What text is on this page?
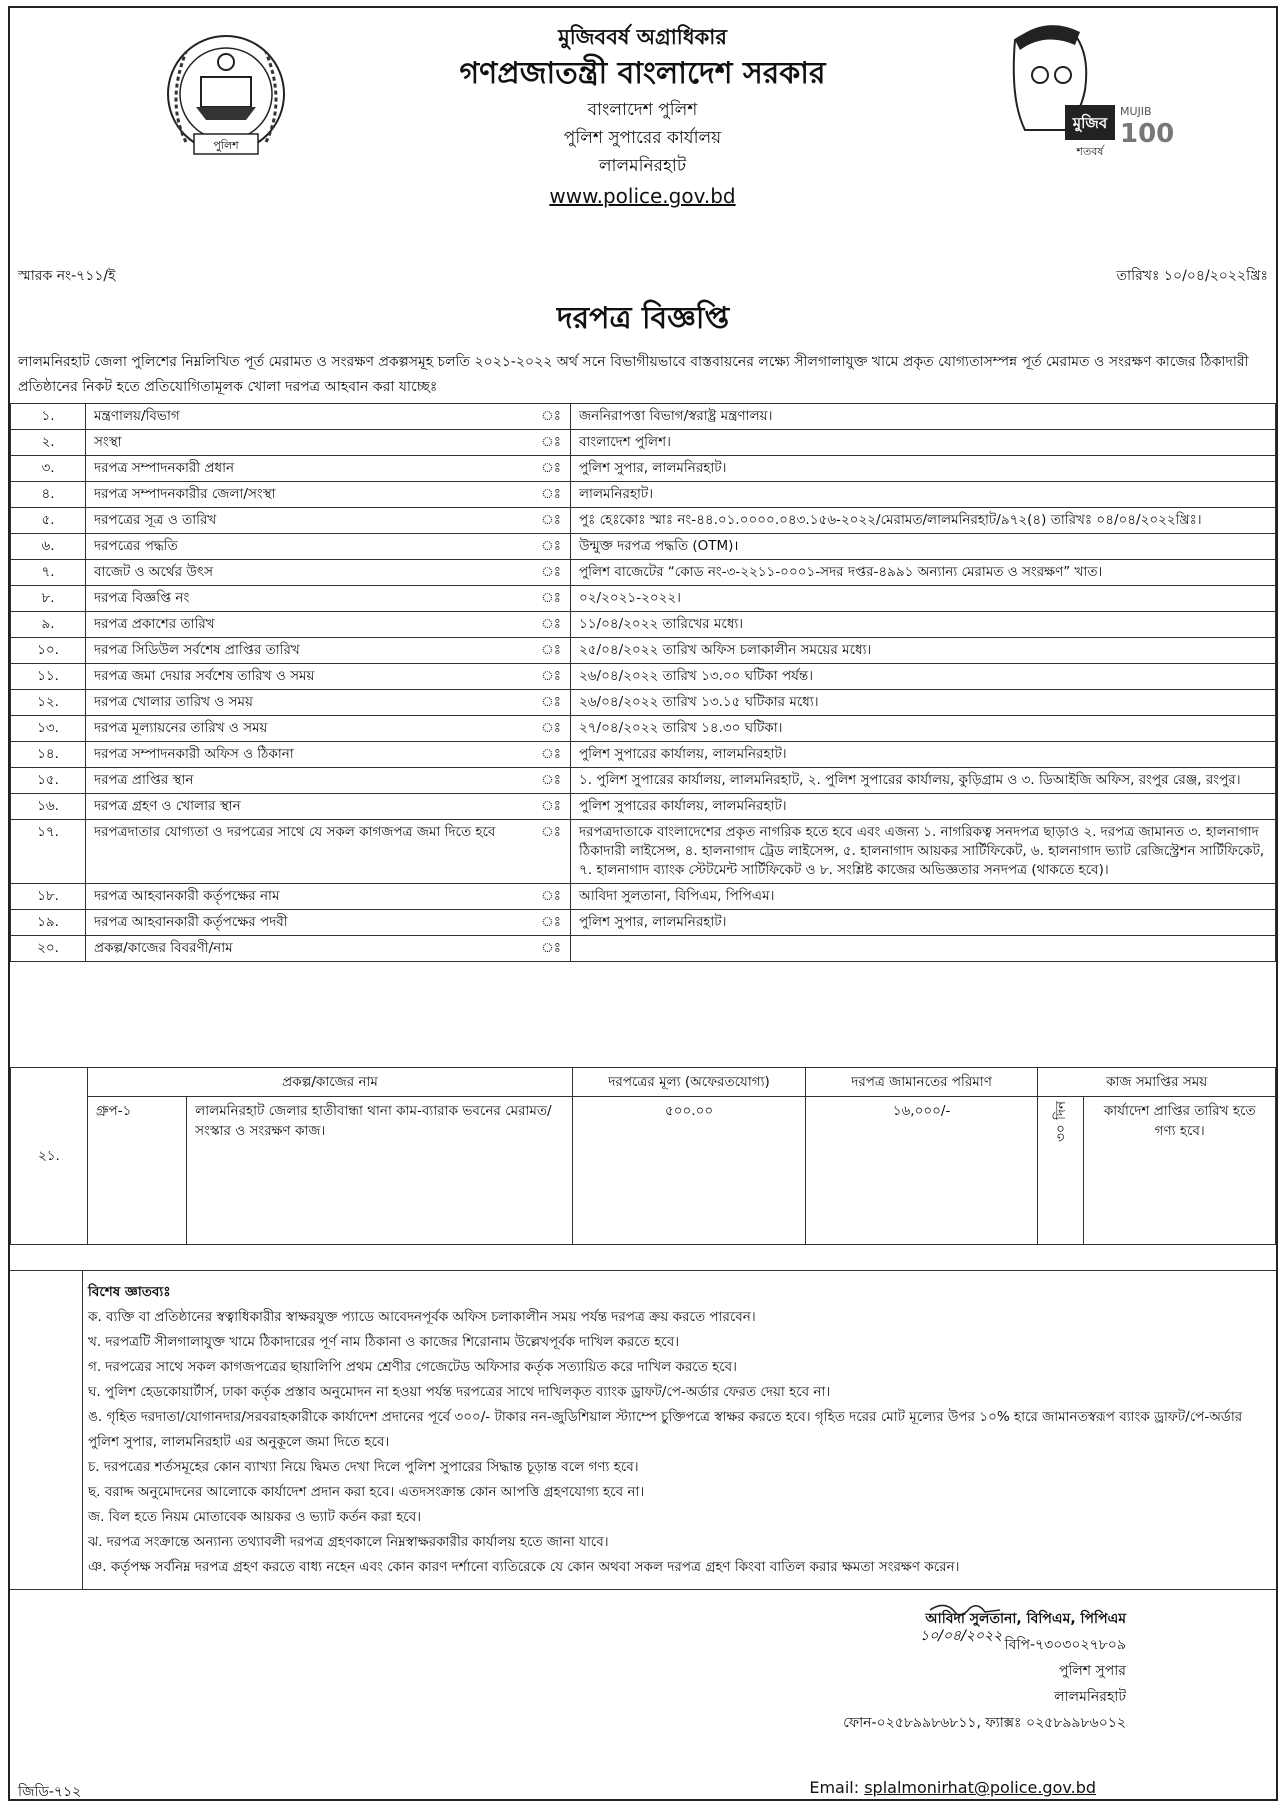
পুলিশ
মুজিববর্ষ অগ্রাধিকার
গণপ্রজাতন্ত্রী বাংলাদেশ সরকার
বাংলাদেশ পুলিশ
পুলিশ সুপারের কার্যালয়
লালমনিরহাট
www.police.gov.bd
মুজিব
MUJIB
100
শতবর্ষ
স্মারক নং-৭১১/ই	তারিখঃ ১০/০৪/২০২২খ্রিঃ
দরপত্র বিজ্ঞপ্তি
লালমনিরহাট জেলা পুলিশের নিম্নলিখিত পূর্ত মেরামত ও সংরক্ষণ প্রকল্পসমূহ চলতি ২০২১-২০২২ অর্থ সনে বিভাগীয়ভাবে বাস্তবায়নের লক্ষ্যে সীলগালাযুক্ত খামে প্রকৃত যোগ্যতাসম্পন্ন পূর্ত মেরামত ও সংরক্ষণ কাজের ঠিকাদারী প্রতিষ্ঠানের নিকট হতে প্রতিযোগিতামূলক খোলা দরপত্র আহবান করা যাচ্ছেঃ
১.	মন্ত্রণালয়/বিভাগ	ঃ	জননিরাপত্তা বিভাগ/স্বরাষ্ট্র মন্ত্রণালয়।
২.	সংস্থা	ঃ	বাংলাদেশ পুলিশ।
৩.	দরপত্র সম্পাদনকারী প্রধান	ঃ	পুলিশ সুপার, লালমনিরহাট।
৪.	দরপত্র সম্পাদনকারীর জেলা/সংস্থা	ঃ	লালমনিরহাট।
৫.	দরপত্রের সূত্র ও তারিখ	ঃ	পুঃ হেঃকোঃ স্মাঃ নং-৪৪.০১.০০০০.০৪৩.১৫৬-২০২২/মেরামত/লালমনিরহাট/৯৭২(৪) তারিখঃ ০৪/০৪/২০২২খ্রিঃ।
৬.	দরপত্রের পদ্ধতি	ঃ	উন্মুক্ত দরপত্র পদ্ধতি (OTM)।
৭.	বাজেট ও অর্থের উৎস	ঃ	পুলিশ বাজেটের “কোড নং-৩-২২১১-০০০১-সদর দপ্তর-৪৯৯১ অন্যান্য মেরামত ও সংরক্ষণ” খাত।
৮.	দরপত্র বিজ্ঞপ্তি নং	ঃ	০২/২০২১-২০২২।
৯.	দরপত্র প্রকাশের তারিখ	ঃ	১১/০৪/২০২২ তারিখের মধ্যে।
১০.	দরপত্র সিডিউল সর্বশেষ প্রাপ্তির তারিখ	ঃ	২৫/০৪/২০২২ তারিখ অফিস চলাকালীন সময়ের মধ্যে।
১১.	দরপত্র জমা দেয়ার সর্বশেষ তারিখ ও সময়	ঃ	২৬/০৪/২০২২ তারিখ ১৩.০০ ঘটিকা পর্যন্ত।
১২.	দরপত্র খোলার তারিখ ও সময়	ঃ	২৬/০৪/২০২২ তারিখ ১৩.১৫ ঘটিকার মধ্যে।
১৩.	দরপত্র মূল্যায়নের তারিখ ও সময়	ঃ	২৭/০৪/২০২২ তারিখ ১৪.৩০ ঘটিকা।
১৪.	দরপত্র সম্পাদনকারী অফিস ও ঠিকানা	ঃ	পুলিশ সুপারের কার্যালয়, লালমনিরহাট।
১৫.	দরপত্র প্রাপ্তির স্থান	ঃ	১. পুলিশ সুপারের কার্যালয়, লালমনিরহাট, ২. পুলিশ সুপারের কার্যালয়, কুড়িগ্রাম ও ৩. ডিআইজি অফিস, রংপুর রেঞ্জ, রংপুর।
১৬.	দরপত্র গ্রহণ ও খোলার স্থান	ঃ	পুলিশ সুপারের কার্যালয়, লালমনিরহাট।
১৭.	দরপত্রদাতার যোগ্যতা ও দরপত্রের সাথে যে সকল কাগজপত্র জমা দিতে হবে	ঃ	দরপত্রদাতাকে বাংলাদেশের প্রকৃত নাগরিক হতে হবে এবং এজন্য ১. নাগরিকত্ব সনদপত্র ছাড়াও ২. দরপত্র জামানত ৩. হালনাগাদ ঠিকাদারী লাইসেন্স, ৪. হালনাগাদ ট্রেড লাইসেন্স, ৫. হালনাগাদ আয়কর সার্টিফিকেট, ৬. হালনাগাদ ভ্যাট রেজিস্ট্রেশন সার্টিফিকেট, ৭. হালনাগাদ ব্যাংক স্টেটমেন্ট সার্টিফিকেট ও ৮. সংশ্লিষ্ট কাজের অভিজ্ঞতার সনদপত্র (থাকতে হবে)।
১৮.	দরপত্র আহবানকারী কর্তৃপক্ষের নাম	ঃ	আবিদা সুলতানা, বিপিএম, পিপিএম।
১৯.	দরপত্র আহবানকারী কর্তৃপক্ষের পদবী	ঃ	পুলিশ সুপার, লালমনিরহাট।
২০.	প্রকল্প/কাজের বিবরণী/নাম	ঃ	
২১.	প্রকল্প/কাজের নাম		দরপত্রের মূল্য (অফেরতযোগ্য)	দরপত্র জামানতের পরিমাণ	কাজ সমাপ্তির সময়	
	গ্রুপ-১	লালমনিরহাট জেলার হাতীবান্ধা থানা কাম-ব্যারাক ভবনের মেরামত/সংস্কার ও সংরক্ষণ কাজ।	৫০০.০০	১৬,০০০/-	৩০ দিন	কার্যাদেশ প্রাপ্তির তারিখ হতে গণ্য হবে।
বিশেষ জ্ঞাতব্যঃ
ক. ব্যক্তি বা প্রতিষ্ঠানের স্বত্বাধিকারীর স্বাক্ষরযুক্ত প্যাডে আবেদনপূর্বক অফিস চলাকালীন সময় পর্যন্ত দরপত্র ক্রয় করতে পারবেন।
খ. দরপত্রটি সীলগালাযুক্ত খামে ঠিকাদারের পূর্ণ নাম ঠিকানা ও কাজের শিরোনাম উল্লেখপূর্বক দাখিল করতে হবে।
গ. দরপত্রের সাথে সকল কাগজপত্রের ছায়ালিপি প্রথম শ্রেণীর গেজেটেড অফিসার কর্তৃক সত্যায়িত করে দাখিল করতে হবে।
ঘ. পুলিশ হেডকোয়ার্টার্স, ঢাকা কর্তৃক প্রস্তাব অনুমোদন না হওয়া পর্যন্ত দরপত্রের সাথে দাখিলকৃত ব্যাংক ড্রাফট/পে-অর্ডার ফেরত দেয়া হবে না।
ঙ. গৃহিত দরদাতা/যোগানদার/সরবরাহকারীকে কার্যাদেশ প্রদানের পূর্বে ৩০০/- টাকার নন-জুডিশিয়াল স্ট্যাম্পে চুক্তিপত্রে স্বাক্ষর করতে হবে। গৃহিত দরের মোট মূল্যের উপর ১০% হারে জামানতস্বরূপ ব্যাংক ড্রাফট/পে-অর্ডার পুলিশ সুপার, লালমনিরহাট এর অনুকূলে জমা দিতে হবে।
চ. দরপত্রের শর্তসমূহের কোন ব্যাখ্যা নিয়ে দ্বিমত দেখা দিলে পুলিশ সুপারের সিদ্ধান্ত চূড়ান্ত বলে গণ্য হবে।
ছ. বরাদ্দ অনুমোদনের আলোকে কার্যাদেশ প্রদান করা হবে। এতদসংক্রান্ত কোন আপত্তি গ্রহণযোগ্য হবে না।
জ. বিল হতে নিয়ম মোতাবেক আয়কর ও ভ্যাট কর্তন করা হবে।
ঝ. দরপত্র সংক্রান্তে অন্যান্য তথ্যাবলী দরপত্র গ্রহণকালে নিম্নস্বাক্ষরকারীর কার্যালয় হতে জানা যাবে।
ঞ. কর্তৃপক্ষ সর্বনিম্ন দরপত্র গ্রহণ করতে বাধ্য নহেন এবং কোন কারণ দর্শানো ব্যতিরেকে যে কোন অথবা সকল দরপত্র গ্রহণ কিংবা বাতিল করার ক্ষমতা সংরক্ষণ করেন।
১০/০৪/২০২২
আবিদা সুলতানা, বিপিএম, পিপিএম
বিপি-৭৩০৩০২৭৮০৯
পুলিশ সুপার
লালমনিরহাট
ফোন-০২৫৮৯৯৮৬৮১১, ফ্যাক্সঃ ০২৫৮৯৯৮৬০১২
জিডি-৭১২	Email: splalmonirhat@police.gov.bd
